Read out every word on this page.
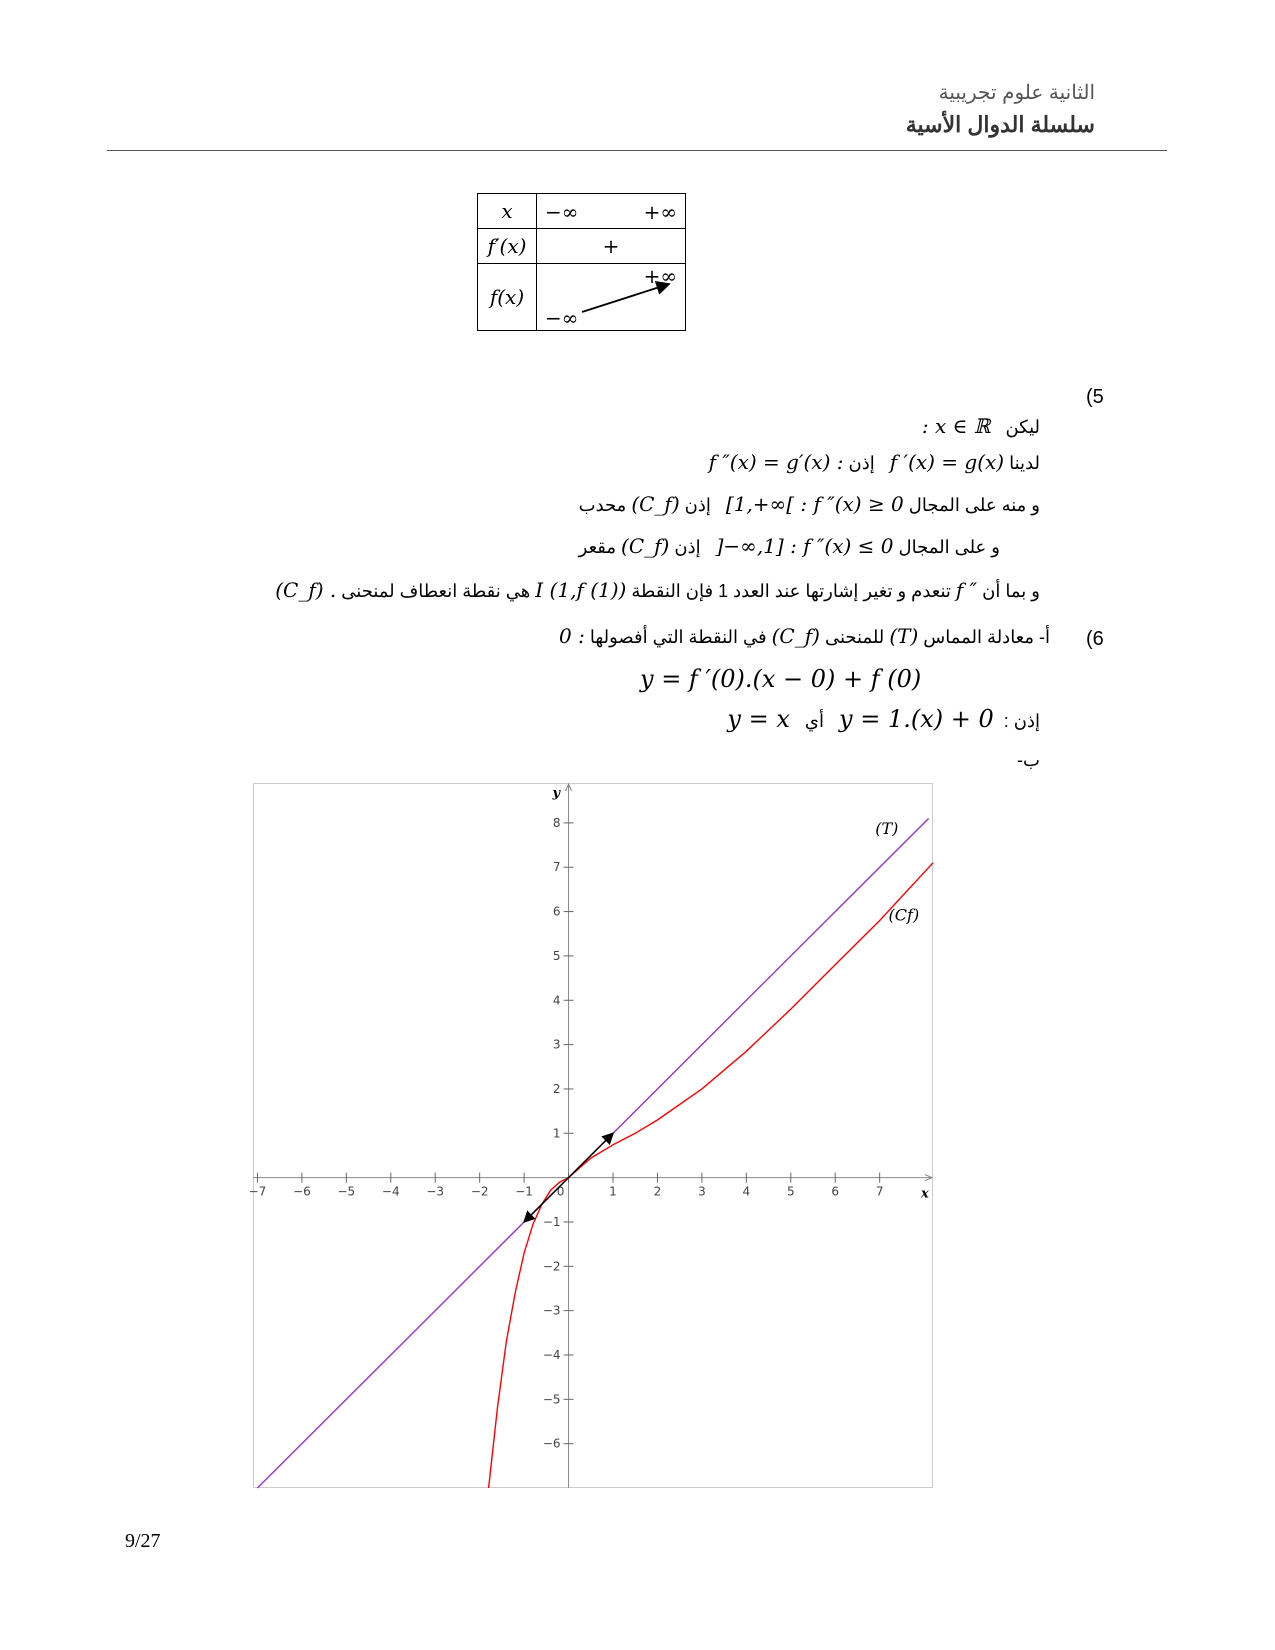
الثانية علوم تجريبية
سلسلة الدوال الأسية
x	−∞ +∞

f′(x)	+
f(x)	+∞
−∞
(5
ليكن   : x ∈ ℝ
لدينا f ′(x) = g(x)   إذن f ″(x) = g′(x) :
و منه على المجال [1,+∞[ : f ″(x) ≥ 0   إذن (C_f) محدب
و على المجال ]−∞,1] : f ″(x) ≤ 0   إذن (C_f) مقعر
و بما أن f ″ تنعدم و تغير إشارتها عند العدد 1 فإن النقطة I (1,f (1)) هي نقطة انعطاف لمنحنى (C_f) .
(6
أ- معادلة المماس (T) للمنحنى (C_f) في النقطة التي أفصولها 0 :
y = f ′(0).(x − 0) + f (0)
إذن :  y = 1.(x) + 0   أي   y = x
ب-
−7 −6 −5 −4 −3 −2 −1 0	1	2	3	4	5	6	7
−6
−5
−4
−3
−2
−1
1
2
3
4
5
6
7
8	(T)
(Cf)
x
y
9/27
